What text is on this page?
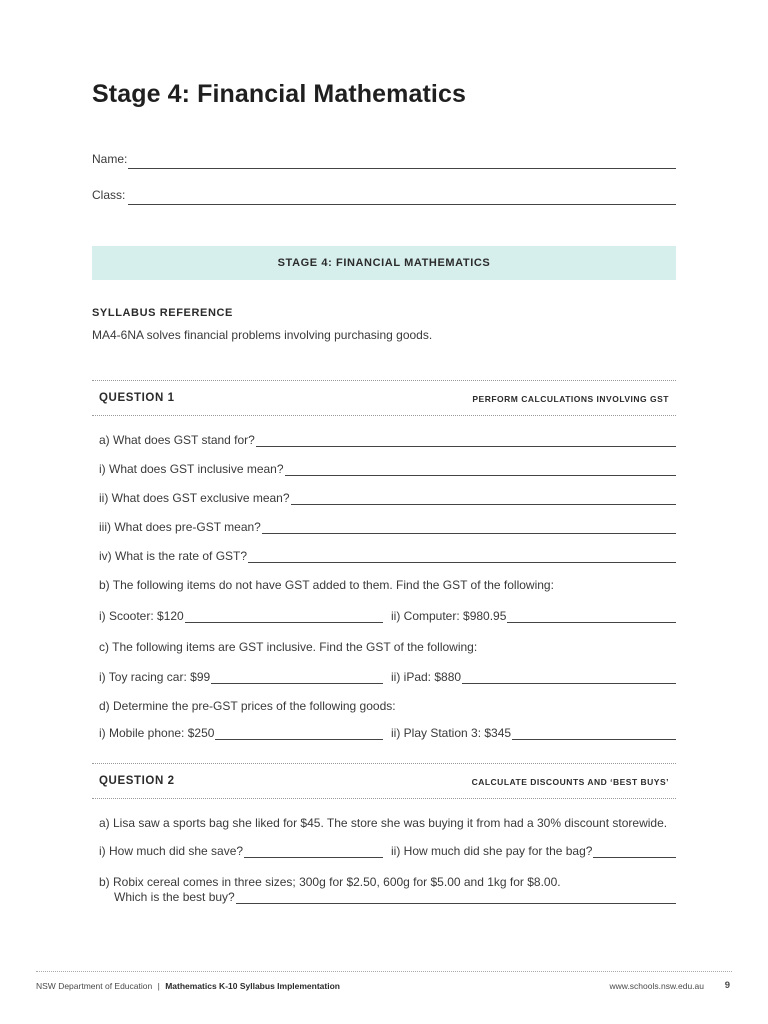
Stage 4: Financial Mathematics
Name:
Class:
STAGE 4: FINANCIAL MATHEMATICS
SYLLABUS REFERENCE
MA4-6NA solves financial problems involving purchasing goods.
QUESTION 1	PERFORM CALCULATIONS INVOLVING GST
a) What does GST stand for?
i) What does GST inclusive mean?
ii) What does GST exclusive mean?
iii) What does pre-GST mean?
iv) What is the rate of GST?
b) The following items do not have GST added to them. Find the GST of the following:
i) Scooter: $120	ii) Computer: $980.95
c) The following items are GST inclusive. Find the GST of the following:
i) Toy racing car: $99	ii) iPad: $880
d) Determine the pre-GST prices of the following goods:
i) Mobile phone: $250	ii) Play Station 3: $345
QUESTION 2	CALCULATE DISCOUNTS AND ‘BEST BUYS’
a) Lisa saw a sports bag she liked for $45. The store she was buying it from had a 30% discount storewide.
i) How much did she save?	ii) How much did she pay for the bag?
b) Robix cereal comes in three sizes; 300g for $2.50, 600g for $5.00 and 1kg for $8.00.
Which is the best buy?
NSW Department of Education | Mathematics K-10 Syllabus Implementation	www.schools.nsw.edu.au 9
